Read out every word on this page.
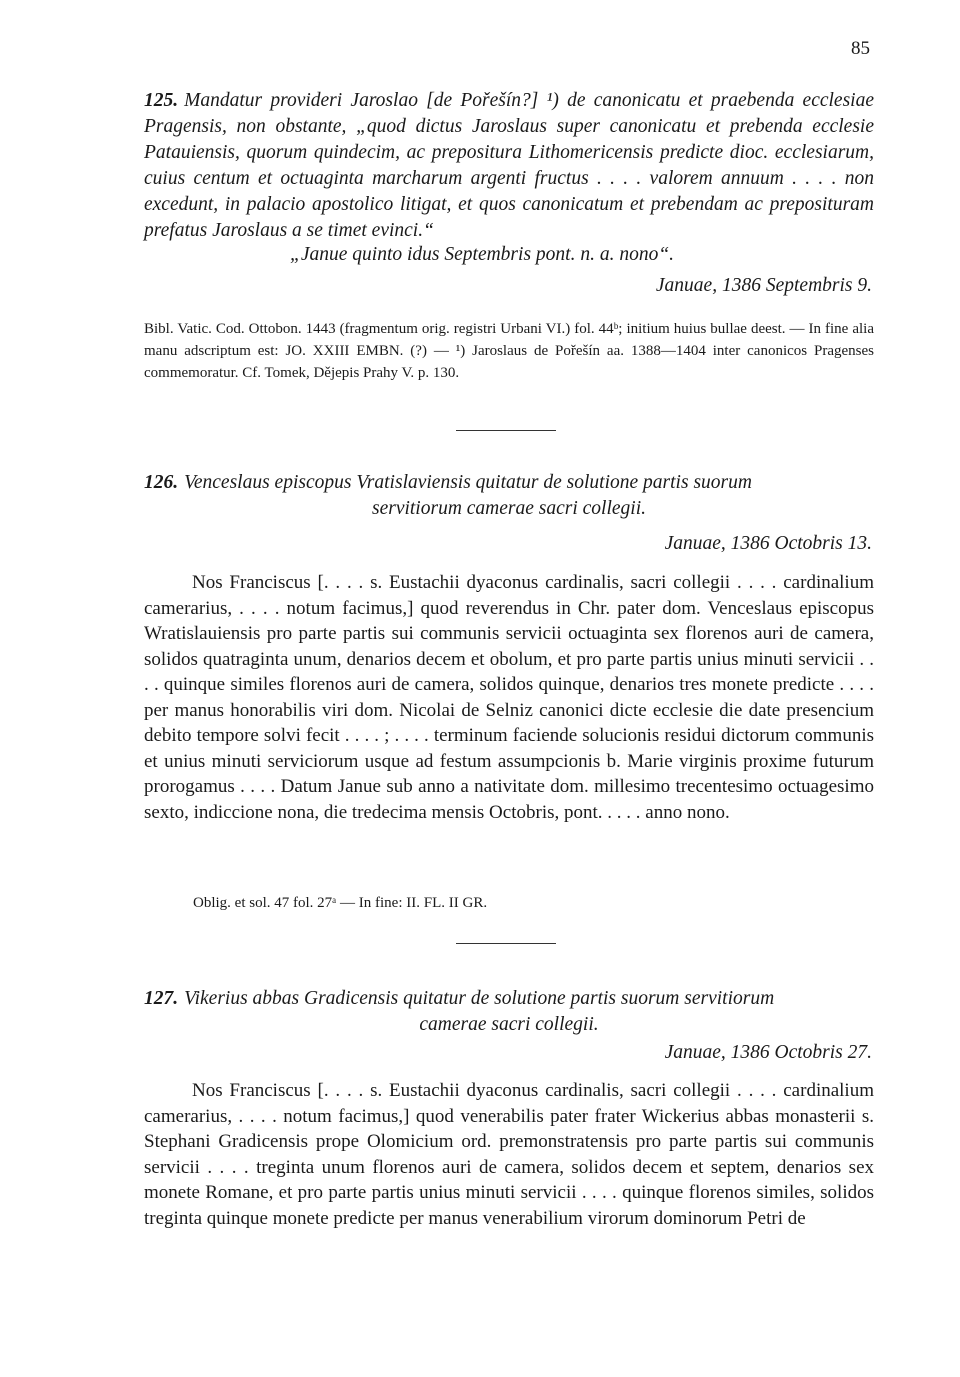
85
125. Mandatur provideri Jaroslao [de Pořešín?] ¹) de canonicatu et praebenda ecclesiae Pragensis, non obstante, „quod dictus Jaroslaus super canonicatu et prebenda ecclesie Patauiensis, quorum quindecim, ac prepositura Lithomericensis predicte dioc. ecclesiarum, cuius centum et octuaginta marcharum argenti fructus . . . . valorem annuum . . . . non excedunt, in palacio apostolico litigat, et quos canonicatum et prebendam ac preposituram prefatus Jaroslaus a se timet evinci.“
„Janue quinto idus Septembris pont. n. a. nono“.
Januae, 1386 Septembris 9.
Bibl. Vatic. Cod. Ottobon. 1443 (fragmentum orig. registri Urbani VI.) fol. 44ᵇ; initium huius bullae deest. — In fine alia manu adscriptum est: JO. XXIII EMBN. (?) — ¹) Jaroslaus de Pořešín aa. 1388—1404 inter canonicos Pragenses commemoratur. Cf. Tomek, Dějepis Prahy V. p. 130.
126. Venceslaus episcopus Vratislaviensis quitatur de solutione partis suorum
servitiorum camerae sacri collegii.
Januae, 1386 Octobris 13.
Nos Franciscus [. . . . s. Eustachii dyaconus cardinalis, sacri collegii . . . . cardinalium camerarius, . . . . notum facimus,] quod reverendus in Chr. pater dom. Venceslaus episcopus Wratislauiensis pro parte partis sui communis servicii octuaginta sex florenos auri de camera, solidos quatraginta unum, denarios decem et obolum, et pro parte partis unius minuti servicii . . . . quinque similes florenos auri de camera, solidos quinque, denarios tres monete predicte . . . . per manus honorabilis viri dom. Nicolai de Selniz canonici dicte ecclesie die date presencium debito tempore solvi fecit . . . . ; . . . . terminum faciende solucionis residui dictorum communis et unius minuti serviciorum usque ad festum assumpcionis b. Marie virginis proxime futurum prorogamus . . . . Datum Janue sub anno a nativitate dom. millesimo trecentesimo octuagesimo sexto, indiccione nona, die tredecima mensis Octobris, pont. . . . . anno nono.
Oblig. et sol. 47 fol. 27ᵃ — In fine: II. FL. II GR.
127. Vikerius abbas Gradicensis quitatur de solutione partis suorum servitiorum
camerae sacri collegii.
Januae, 1386 Octobris 27.
Nos Franciscus [. . . . s. Eustachii dyaconus cardinalis, sacri collegii . . . . cardinalium camerarius, . . . . notum facimus,] quod venerabilis pater frater Wickerius abbas monasterii s. Stephani Gradicensis prope Olomicium ord. premonstratensis pro parte partis sui communis servicii . . . . treginta unum florenos auri de camera, solidos decem et septem, denarios sex monete Romane, et pro parte partis unius minuti servicii . . . . quinque florenos similes, solidos treginta quinque monete predicte per manus venerabilium virorum dominorum Petri de
